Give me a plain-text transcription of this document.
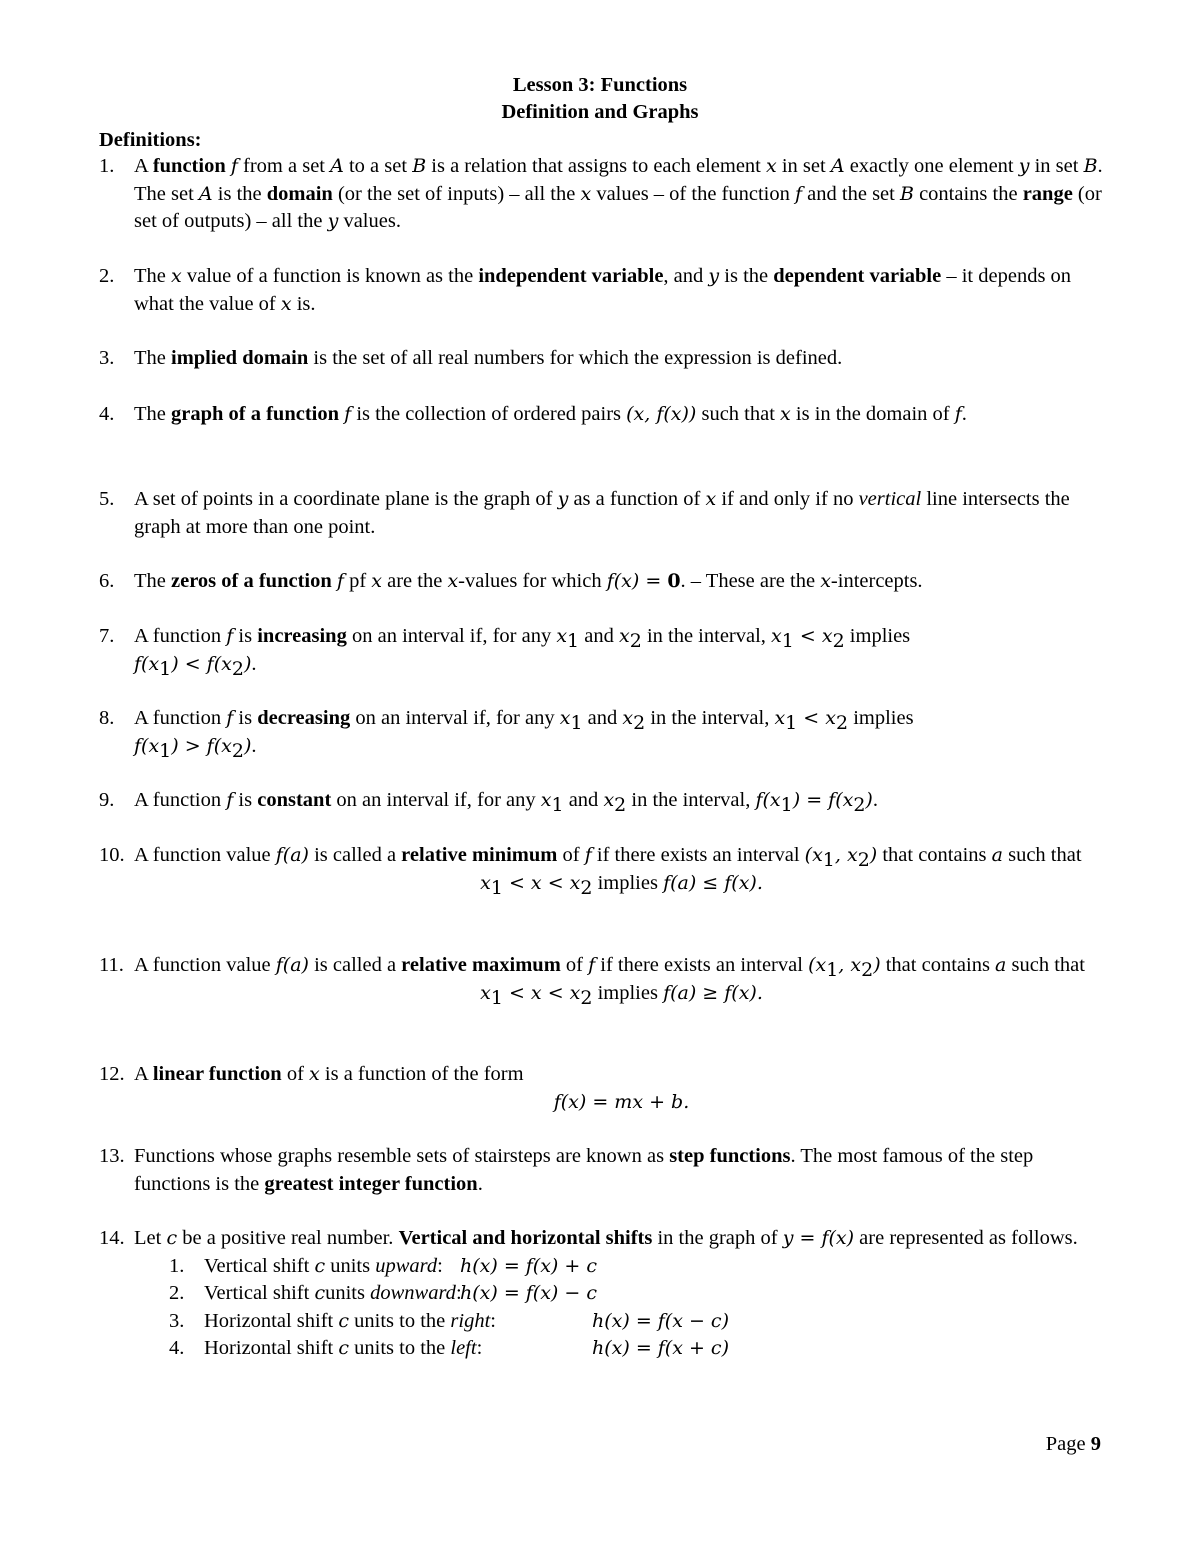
Lesson 3: Functions
Definition and Graphs
Definitions:
1. A function f from a set A to a set B is a relation that assigns to each element x in set A exactly one element y in set B. The set A is the domain (or the set of inputs) – all the x values – of the function f and the set B contains the range (or set of outputs) – all the y values.

2. The x value of a function is known as the independent variable, and y is the dependent variable – it depends on what the value of x is.

3. The implied domain is the set of all real numbers for which the expression is defined.

4. The graph of a function f is the collection of ordered pairs (x, f(x)) such that x is in the domain of f.

5. A set of points in a coordinate plane is the graph of y as a function of x if and only if no vertical line intersects the graph at more than one point.

6. The zeros of a function f pf x are the x-values for which f(x) = 0. – These are the x-intercepts.

7. A function f is increasing on an interval if, for any $x_1$ and $x_2$ in the interval, $x_1 < x_2$ implies
$f(x_1) < f(x_2)$.

8. A function f is decreasing on an interval if, for any $x_1$ and $x_2$ in the interval, $x_1 < x_2$ implies
$f(x_1) > f(x_2)$.

9. A function f is constant on an interval if, for any $x_1$ and $x_2$ in the interval, $f(x_1) = f(x_2)$.

10. A function value f(a) is called a relative minimum of f if there exists an interval ($x_1$, $x_2$) that contains a such that

$x_1 < x < x_2$ implies f(a) ≤ f(x).

11. A function value f(a) is called a relative maximum of f if there exists an interval ($x_1$, $x_2$) that contains a such that

$x_1 < x < x_2$ implies f(a) ≥ f(x).

12. A linear function of x is a function of the form

f(x) = mx + b.

13. Functions whose graphs resemble sets of stairsteps are known as step functions. The most famous of the step functions is the greatest integer function.

14. Let c be a positive real number. Vertical and horizontal shifts in the graph of y = f(x) are represented as follows.

1. Vertical shift c units upward: h(x) = f(x) + c
2. Vertical shift cunits downward:
h(x) = f(x) − c
3. Horizontal shift c units to the right:	h(x) = f(x − c)
4. Horizontal shift c units to the left:	h(x) = f(x + c)
Page 9
